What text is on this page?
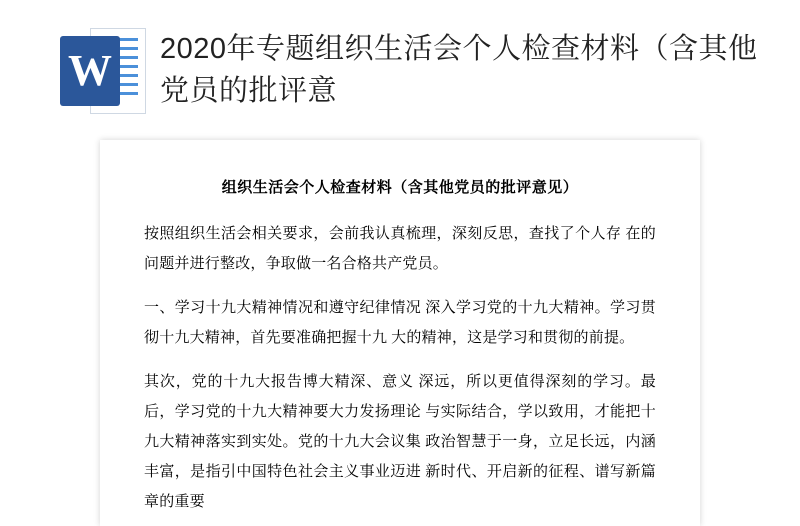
W 2020年专题组织生活会个人检查材料（含其他党员的批评意
组织生活会个人检查材料（含其他党员的批评意见）

按照组织生活会相关要求，会前我认真梳理，深刻反思，查找了个人存 在的问题并进行整改，争取做一名合格共产党员。

一、学习十九大精神情况和遵守纪律情况 深入学习党的十九大精神。学习贯彻十九大精神，首先要准确把握十九 大的精神，这是学习和贯彻的前提。

其次，党的十九大报告博大精深、意义 深远，所以更值得深刻的学习。最后，学习党的十九大精神要大力发扬理论 与实际结合，学以致用，才能把十九大精神落实到实处。党的十九大会议集 政治智慧于一身，立足长远，内涵丰富，是指引中国特色社会主义事业迈进 新时代、开启新的征程、谱写新篇章的重要
